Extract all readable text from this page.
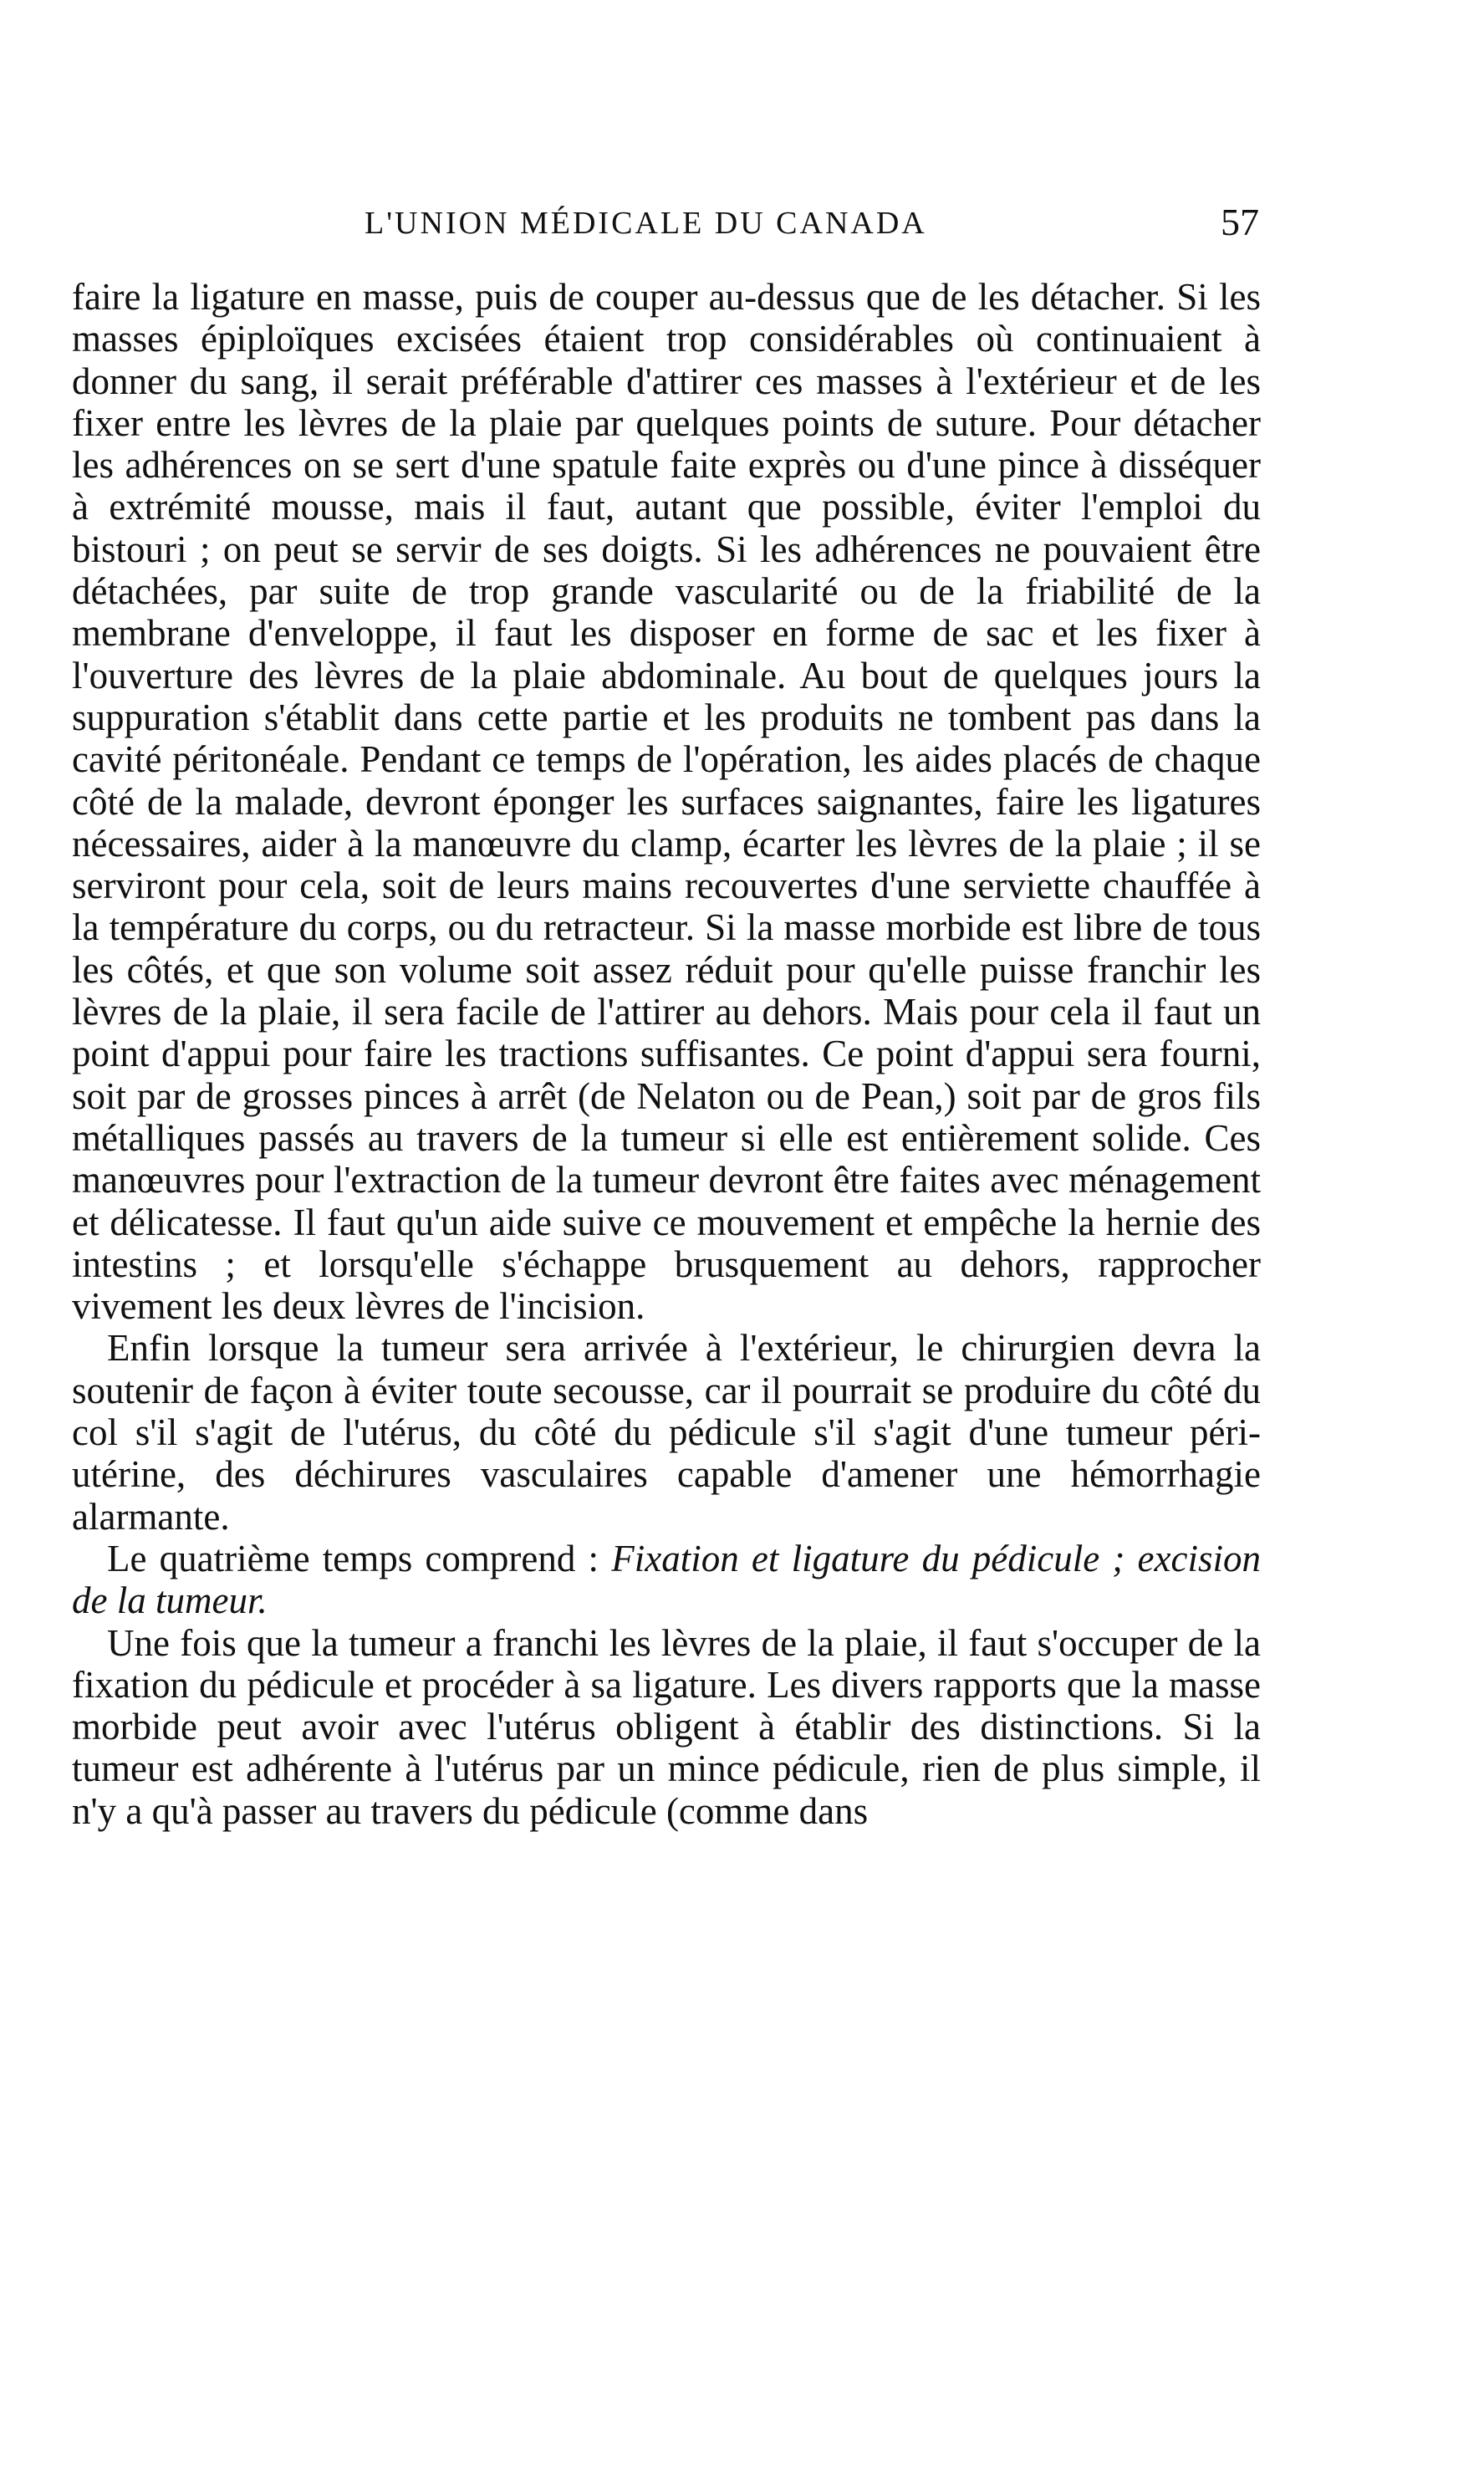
L'UNION MÉDICALE DU CANADA	57

faire la ligature en masse, puis de couper au-dessus que de les détacher. Si les masses épiploïques excisées étaient trop considérables où continuaient à donner du sang, il serait préférable d'attirer ces masses à l'extérieur et de les fixer entre les lèvres de la plaie par quelques points de suture. Pour détacher les adhérences on se sert d'une spatule faite exprès ou d'une pince à disséquer à extrémité mousse, mais il faut, autant que possible, éviter l'emploi du bistouri ; on peut se servir de ses doigts. Si les adhérences ne pouvaient être détachées, par suite de trop grande vascularité ou de la friabilité de la membrane d'enveloppe, il faut les disposer en forme de sac et les fixer à l'ouverture des lèvres de la plaie abdominale. Au bout de quelques jours la suppuration s'établit dans cette partie et les produits ne tombent pas dans la cavité péritonéale. Pendant ce temps de l'opération, les aides placés de chaque côté de la malade, devront éponger les surfaces saignantes, faire les ligatures nécessaires, aider à la manœuvre du clamp, écarter les lèvres de la plaie ; il se serviront pour cela, soit de leurs mains recouvertes d'une serviette chauffée à la température du corps, ou du retracteur. Si la masse morbide est libre de tous les côtés, et que son volume soit assez réduit pour qu'elle puisse franchir les lèvres de la plaie, il sera facile de l'attirer au dehors. Mais pour cela il faut un point d'appui pour faire les tractions suffisantes. Ce point d'appui sera fourni, soit par de grosses pinces à arrêt (de Nelaton ou de Pean,) soit par de gros fils métalliques passés au travers de la tumeur si elle est entièrement solide. Ces manœuvres pour l'extraction de la tumeur devront être faites avec ménagement et délicatesse. Il faut qu'un aide suive ce mouvement et empêche la hernie des intestins ; et lorsqu'elle s'échappe brusquement au dehors, rapprocher vivement les deux lèvres de l'incision.

Enfin lorsque la tumeur sera arrivée à l'extérieur, le chirurgien devra la soutenir de façon à éviter toute secousse, car il pourrait se produire du côté du col s'il s'agit de l'utérus, du côté du pédicule s'il s'agit d'une tumeur péri-utérine, des déchirures vasculaires capable d'amener une hémorrhagie alarmante.

Le quatrième temps comprend : Fixation et ligature du pédicule ; excision de la tumeur.

Une fois que la tumeur a franchi les lèvres de la plaie, il faut s'occuper de la fixation du pédicule et procéder à sa ligature. Les divers rapports que la masse morbide peut avoir avec l'utérus obligent à établir des distinctions. Si la tumeur est adhérente à l'utérus par un mince pédicule, rien de plus simple, il n'y a qu'à passer au travers du pédicule (comme dans
